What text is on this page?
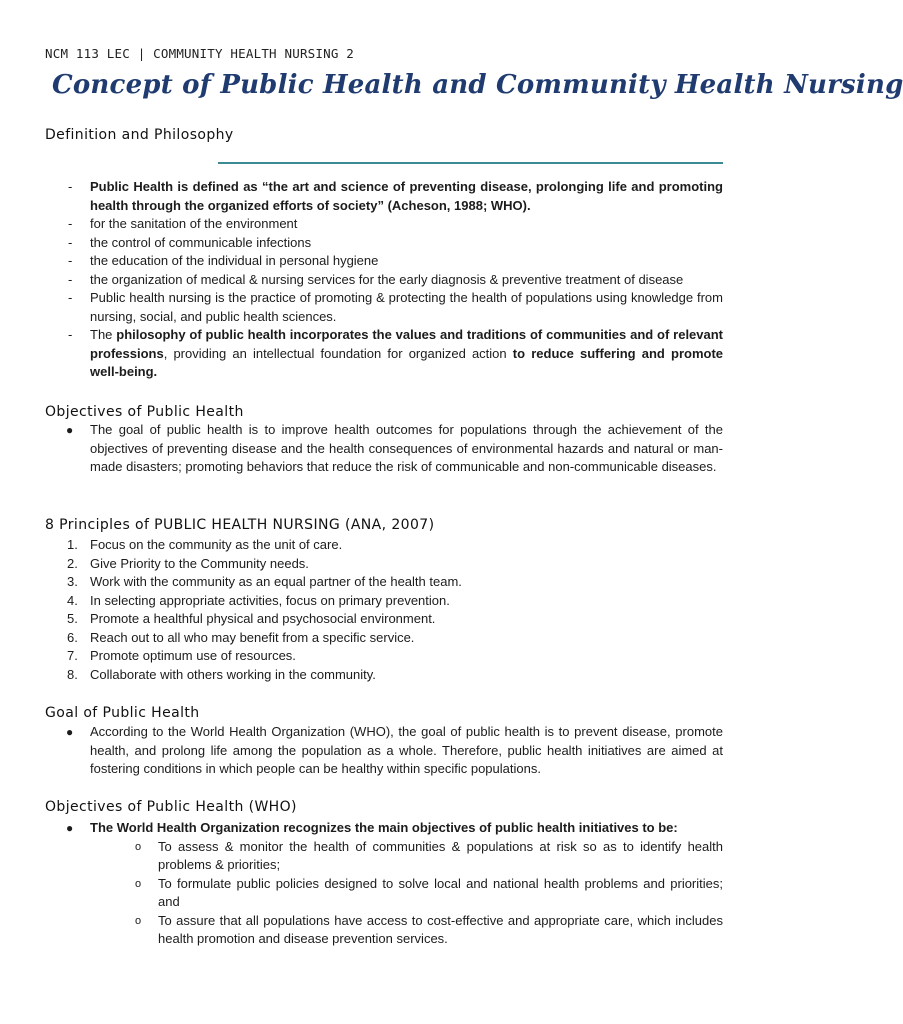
NCM 113 LEC | COMMUNITY HEALTH NURSING 2
Concept of Public Health and Community Health Nursing
Definition and Philosophy
- Public Health is defined as “the art and science of preventing disease, prolonging life and promoting health through the organized efforts of society” (Acheson, 1988; WHO).
- for the sanitation of the environment
- the control of communicable infections
- the education of the individual in personal hygiene
- the organization of medical & nursing services for the early diagnosis & preventive treatment of disease
- Public health nursing is the practice of promoting & protecting the health of populations using knowledge from nursing, social, and public health sciences.
- The philosophy of public health incorporates the values and traditions of communities and of relevant professions, providing an intellectual foundation for organized action to reduce suffering and promote well-being.
Objectives of Public Health
● The goal of public health is to improve health outcomes for populations through the achievement of the objectives of preventing disease and the health consequences of environmental hazards and natural or man-made disasters; promoting behaviors that reduce the risk of communicable and non-communicable diseases.
8 Principles of PUBLIC HEALTH NURSING (ANA, 2007)
1. Focus on the community as the unit of care.
2. Give Priority to the Community needs.
3. Work with the community as an equal partner of the health team.
4. In selecting appropriate activities, focus on primary prevention.
5. Promote a healthful physical and psychosocial environment.
6. Reach out to all who may benefit from a specific service.
7. Promote optimum use of resources.
8. Collaborate with others working in the community.
Goal of Public Health
● According to the World Health Organization (WHO), the goal of public health is to prevent disease, promote health, and prolong life among the population as a whole. Therefore, public health initiatives are aimed at fostering conditions in which people can be healthy within specific populations.
Objectives of Public Health (WHO)
● The World Health Organization recognizes the main objectives of public health initiatives to be:
o To assess & monitor the health of communities & populations at risk so as to identify health problems & priorities;
o To formulate public policies designed to solve local and national health problems and priorities; and
o To assure that all populations have access to cost-effective and appropriate care, which includes health promotion and disease prevention services.
